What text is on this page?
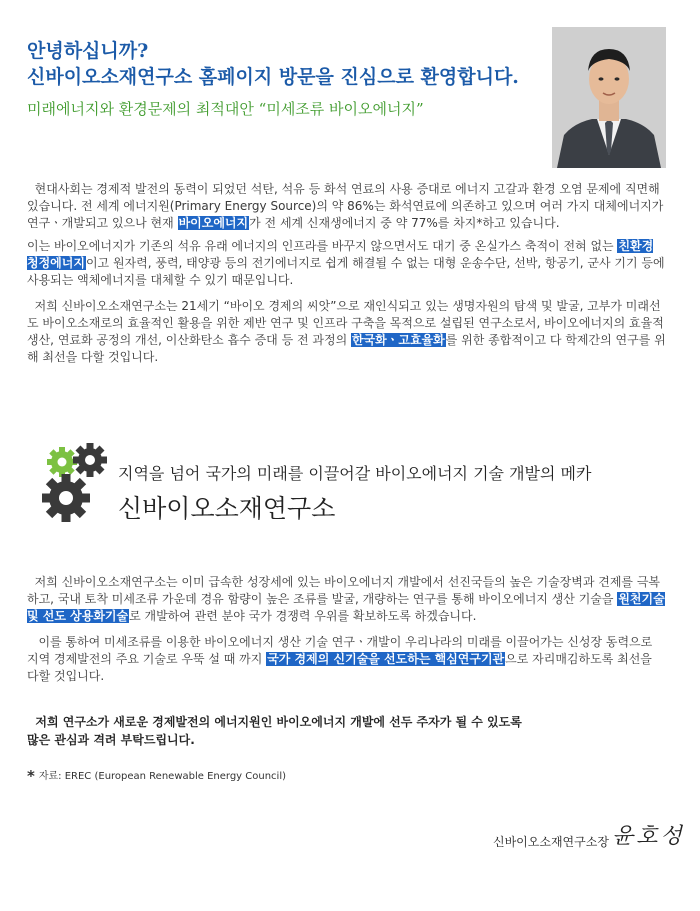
안녕하십니까?
신바이오소재연구소 홈페이지 방문을 진심으로 환영합니다.
미래에너지와 환경문제의 최적대안 “미세조류 바이오에너지”

현대사회는 경제적 발전의 동력이 되었던 석탄, 석유 등 화석 연료의 사용 증대로 에너지 고갈과 환경 오염 문제에 직면해 있습니다. 전 세계 에너지원(Primary Energy Source)의 약 86%는 화석연료에 의존하고 있으며 여러 가지 대체에너지가 연구ㆍ개발되고 있으나 현재 바이오에너지가 전 세계 신재생에너지 중 약 77%를 차지*하고 있습니다.

이는 바이오에너지가 기존의 석유 유래 에너지의 인프라를 바꾸지 않으면서도 대기 중 온실가스 축적이 전혀 없는 친환경 청정에너지이고 원자력, 풍력, 태양광 등의 전기에너지로 쉽게 해결될 수 없는 대형 운송수단, 선박, 항공기, 군사 기기 등에 사용되는 액체에너지를 대체할 수 있기 때문입니다.

저희 신바이오소재연구소는 21세기 “바이오 경제의 씨앗”으로 재인식되고 있는 생명자원의 탐색 및 발굴, 고부가 미래선도 바이오소재로의 효율적인 활용을 위한 제반 연구 및 인프라 구축을 목적으로 설립된 연구소로서, 바이오에너지의 효율적 생산, 연료화 공정의 개선, 이산화탄소 흡수 증대 등 전 과정의 한국화ㆍ고효율화를 위한 종합적이고 다 학제간의 연구를 위해 최선을 다할 것입니다.

지역을 넘어 국가의 미래를 이끌어갈 바이오에너지 기술 개발의 메카
신바이오소재연구소

저희 신바이오소재연구소는 이미 급속한 성장세에 있는 바이오에너지 개발에서 선진국들의 높은 기술장벽과 견제를 극복하고, 국내 토착 미세조류 가운데 경유 함량이 높은 조류를 발굴, 개량하는 연구를 통해 바이오에너지 생산 기술을 원천기술 및 선도 상용화기술로 개발하여 관련 분야 국가 경쟁력 우위를 확보하도록 하겠습니다.

이를 통하여 미세조류를 이용한 바이오에너지 생산 기술 연구ㆍ개발이 우리나라의 미래를 이끌어가는 신성장 동력으로 지역 경제발전의 주요 기술로 우뚝 설 때 까지 국가 경제의 신기술을 선도하는 핵심연구기관으로 자리매김하도록 최선을 다할 것입니다.

저희 연구소가 새로운 경제발전의 에너지원인 바이오에너지 개발에 선두 주자가 될 수 있도록
많은 관심과 격려 부탁드립니다.
* 자료: EREC (European Renewable Energy Council)
신바이오소재연구소장 윤호성
